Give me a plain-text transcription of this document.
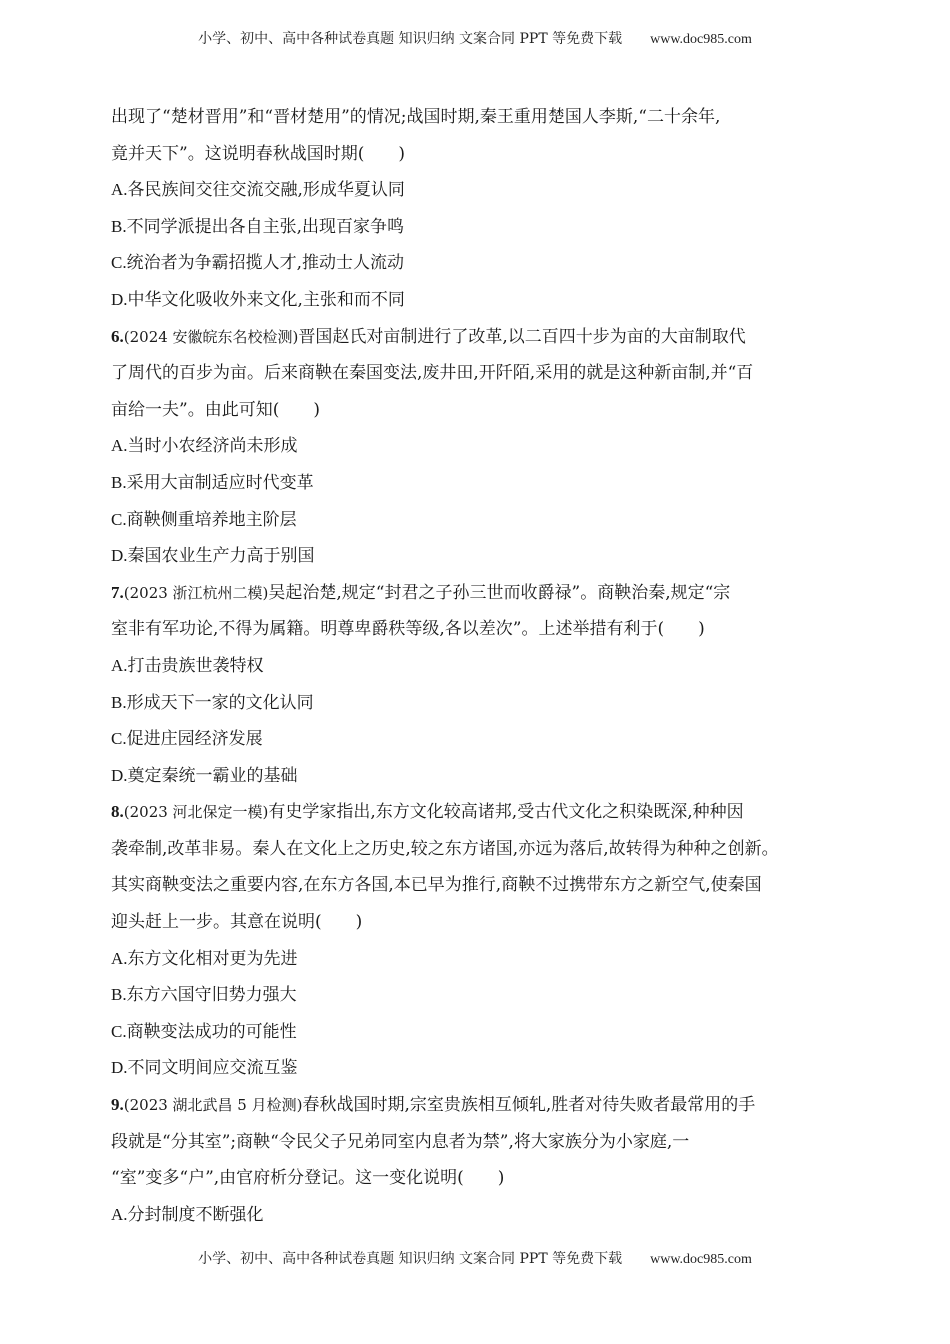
小学、初中、高中各种试卷真题 知识归纳 文案合同 PPT 等免费下载 www.doc985.com
出现了“楚材晋用”和“晋材楚用”的情况;战国时期,秦王重用楚国人李斯,“二十余年,
竟并天下”。这说明春秋战国时期(　　)
A.各民族间交往交流交融,形成华夏认同
B.不同学派提出各自主张,出现百家争鸣
C.统治者为争霸招揽人才,推动士人流动
D.中华文化吸收外来文化,主张和而不同
6.(2024 安徽皖东名校检测)晋国赵氏对亩制进行了改革,以二百四十步为亩的大亩制取代
了周代的百步为亩。后来商鞅在秦国变法,废井田,开阡陌,采用的就是这种新亩制,并“百
亩给一夫”。由此可知(　　)
A.当时小农经济尚未形成
B.采用大亩制适应时代变革
C.商鞅侧重培养地主阶层
D.秦国农业生产力高于别国
7.(2023 浙江杭州二模)吴起治楚,规定“封君之子孙三世而收爵禄”。商鞅治秦,规定“宗
室非有军功论,不得为属籍。明尊卑爵秩等级,各以差次”。上述举措有利于(　　)
A.打击贵族世袭特权
B.形成天下一家的文化认同
C.促进庄园经济发展
D.奠定秦统一霸业的基础
8.(2023 河北保定一模)有史学家指出,东方文化较高诸邦,受古代文化之积染既深,种种因
袭牵制,改革非易。秦人在文化上之历史,较之东方诸国,亦远为落后,故转得为种种之创新。
其实商鞅变法之重要内容,在东方各国,本已早为推行,商鞅不过携带东方之新空气,使秦国
迎头赶上一步。其意在说明(　　)
A.东方文化相对更为先进
B.东方六国守旧势力强大
C.商鞅变法成功的可能性
D.不同文明间应交流互鉴
9.(2023 湖北武昌 5 月检测)春秋战国时期,宗室贵族相互倾轧,胜者对待失败者最常用的手
段就是“分其室”;商鞅“令民父子兄弟同室内息者为禁”,将大家族分为小家庭,一
“室”变多“户”,由官府析分登记。这一变化说明(　　)
A.分封制度不断强化
小学、初中、高中各种试卷真题 知识归纳 文案合同 PPT 等免费下载 www.doc985.com
